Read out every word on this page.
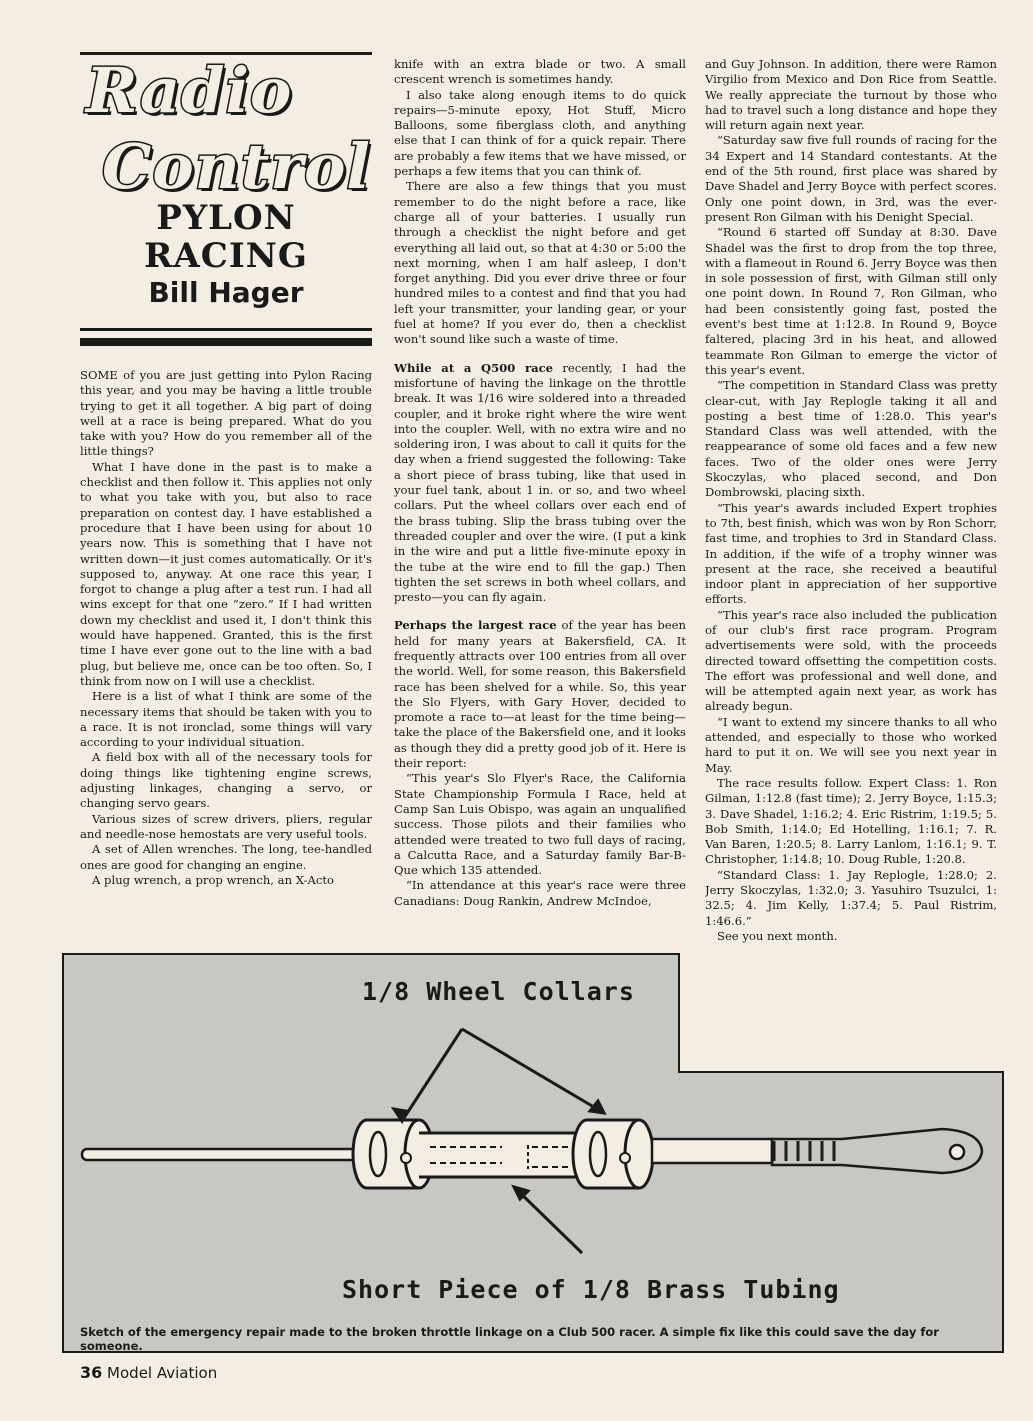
Radio
Control
PYLON
RACING
Bill Hager

SOME of you are just getting into Pylon Racing this year, and you may be having a little trouble trying to get it all together. A big part of doing well at a race is being prepared. What do you take with you? How do you remember all of the little things?

What I have done in the past is to make a checklist and then follow it. This applies not only to what you take with you, but also to race preparation on contest day. I have established a procedure that I have been using for about 10 years now. This is something that I have not written down—it just comes automatically. Or it's supposed to, anyway. At one race this year, I forgot to change a plug after a test run. I had all wins except for that one “zero.” If I had written down my checklist and used it, I don't think this would have happened. Granted, this is the first time I have ever gone out to the line with a bad plug, but believe me, once can be too often. So, I think from now on I will use a checklist.

Here is a list of what I think are some of the necessary items that should be taken with you to a race. It is not ironclad, some things will vary according to your individual situation.

A field box with all of the necessary tools for doing things like tightening engine screws, adjusting linkages, changing a servo, or changing servo gears.

Various sizes of screw drivers, pliers, regular and needle-nose hemostats are very useful tools.

A set of Allen wrenches. The long, tee-handled ones are good for changing an engine.

A plug wrench, a prop wrench, an X-Acto

knife with an extra blade or two. A small crescent wrench is sometimes handy.

I also take along enough items to do quick repairs—5-minute epoxy, Hot Stuff, Micro Balloons, some fiberglass cloth, and anything else that I can think of for a quick repair. There are probably a few items that we have missed, or perhaps a few items that you can think of.

There are also a few things that you must remember to do the night before a race, like charge all of your batteries. I usually run through a checklist the night before and get everything all laid out, so that at 4:30 or 5:00 the next morning, when I am half asleep, I don't forget anything. Did you ever drive three or four hundred miles to a contest and find that you had left your transmitter, your landing gear, or your fuel at home? If you ever do, then a checklist won't sound like such a waste of time.

While at a Q500 race recently, I had the misfortune of having the linkage on the throttle break. It was 1/16 wire soldered into a threaded coupler, and it broke right where the wire went into the coupler. Well, with no extra wire and no soldering iron, I was about to call it quits for the day when a friend suggested the following: Take a short piece of brass tubing, like that used in your fuel tank, about 1 in. or so, and two wheel collars. Put the wheel collars over each end of the brass tubing. Slip the brass tubing over the threaded coupler and over the wire. (I put a kink in the wire and put a little five-minute epoxy in the tube at the wire end to fill the gap.) Then tighten the set screws in both wheel collars, and presto—you can fly again.

Perhaps the largest race of the year has been held for many years at Bakersfield, CA. It frequently attracts over 100 entries from all over the world. Well, for some reason, this Bakersfield race has been shelved for a while. So, this year the Slo Flyers, with Gary Hover, decided to promote a race to—at least for the time being—take the place of the Bakersfield one, and it looks as though they did a pretty good job of it. Here is their report:

“This year's Slo Flyer's Race, the California State Championship Formula I Race, held at Camp San Luis Obispo, was again an unqualified success. Those pilots and their families who attended were treated to two full days of racing, a Calcutta Race, and a Saturday family Bar-B-Que which 135 attended.

“In attendance at this year's race were three Canadians: Doug Rankin, Andrew McIndoe,

and Guy Johnson. In addition, there were Ramon Virgilio from Mexico and Don Rice from Seattle. We really appreciate the turnout by those who had to travel such a long distance and hope they will return again next year.

“Saturday saw five full rounds of racing for the 34 Expert and 14 Standard contestants. At the end of the 5th round, first place was shared by Dave Shadel and Jerry Boyce with perfect scores. Only one point down, in 3rd, was the ever-present Ron Gilman with his Denight Special.

“Round 6 started off Sunday at 8:30. Dave Shadel was the first to drop from the top three, with a flameout in Round 6. Jerry Boyce was then in sole possession of first, with Gilman still only one point down. In Round 7, Ron Gilman, who had been consistently going fast, posted the event's best time at 1:12.8. In Round 9, Boyce faltered, placing 3rd in his heat, and allowed teammate Ron Gilman to emerge the victor of this year's event.

“The competition in Standard Class was pretty clear-cut, with Jay Replogle taking it all and posting a best time of 1:28.0. This year's Standard Class was well attended, with the reappearance of some old faces and a few new faces. Two of the older ones were Jerry Skoczylas, who placed second, and Don Dombrowski, placing sixth.

“This year's awards included Expert trophies to 7th, best finish, which was won by Ron Schorr, fast time, and trophies to 3rd in Standard Class. In addition, if the wife of a trophy winner was present at the race, she received a beautiful indoor plant in appreciation of her supportive efforts.

“This year's race also included the publication of our club's first race program. Program advertisements were sold, with the proceeds directed toward offsetting the competition costs. The effort was professional and well done, and will be attempted again next year, as work has already begun.

“I want to extend my sincere thanks to all who attended, and especially to those who worked hard to put it on. We will see you next year in May.

The race results follow. Expert Class: 1. Ron Gilman, 1:12.8 (fast time); 2. Jerry Boyce, 1:15.3; 3. Dave Shadel, 1:16.2; 4. Eric Ristrim, 1:19.5; 5. Bob Smith, 1:14.0; Ed Hotelling, 1:16.1; 7. R. Van Baren, 1:20.5; 8. Larry Lanlom, 1:16.1; 9. T. Christopher, 1:14.8; 10. Doug Ruble, 1:20.8.

“Standard Class: 1. Jay Replogle, 1:28.0; 2. Jerry Skoczylas, 1:32.0; 3. Yasuhiro Tsuzulci, 1: 32.5; 4. Jim Kelly, 1:37.4; 5. Paul Ristrim, 1:46.6.”

See you next month.

1/8 Wheel Collars
Short Piece of 1/8 Brass Tubing
Sketch of the emergency repair made to the broken throttle linkage on a Club 500 racer. A simple fix like this could save the day for someone.
36 Model Aviation
